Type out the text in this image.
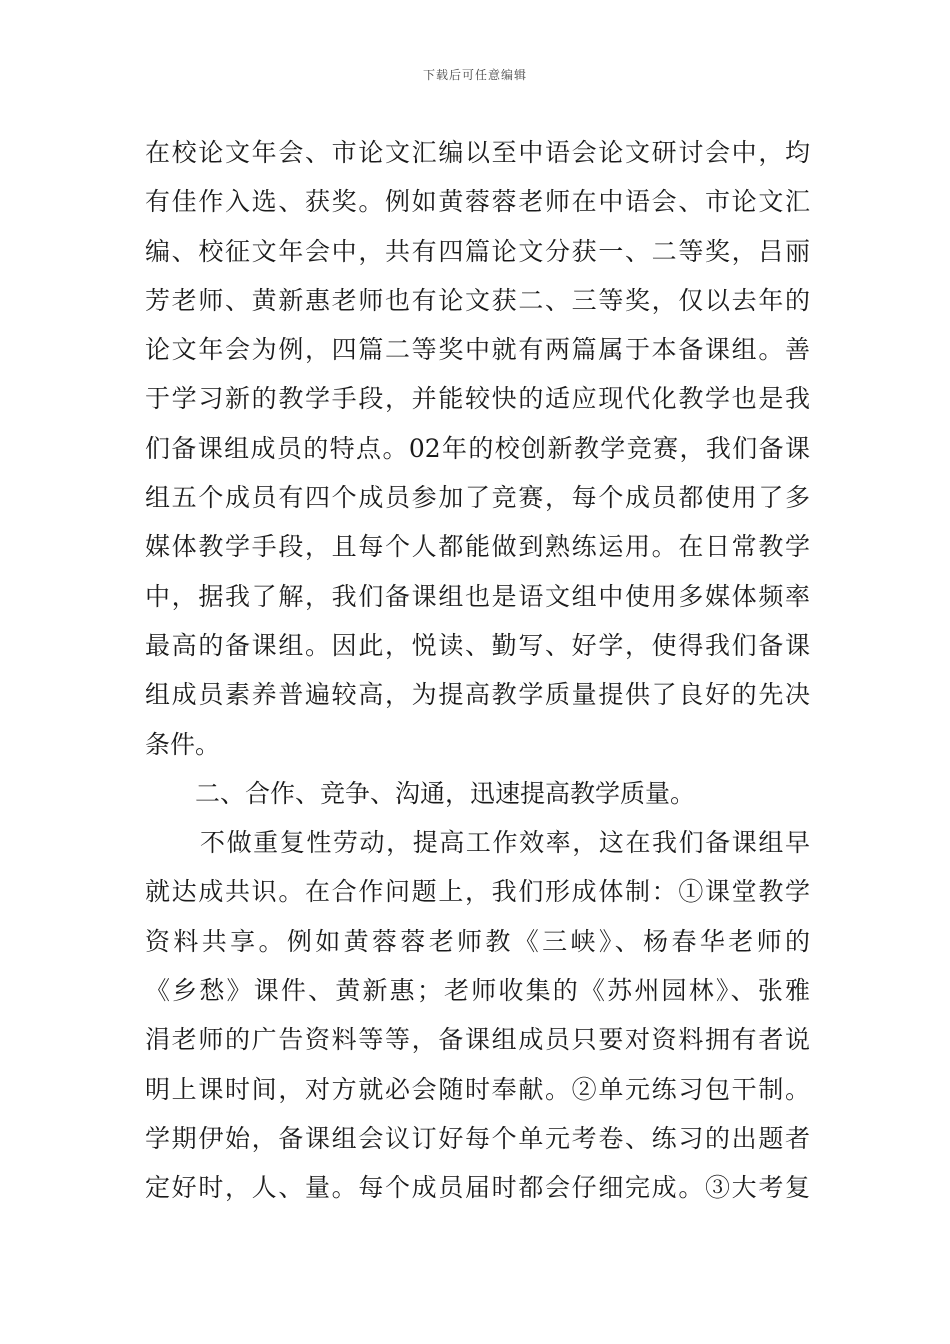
下载后可任意编辑
在校论文年会、市论文汇编以至中语会论文研讨会中，均
有佳作入选、获奖。例如黄蓉蓉老师在中语会、市论文汇
编、校征文年会中，共有四篇论文分获一、二等奖，吕丽
芳老师、黄新惠老师也有论文获二、三等奖，仅以去年的
论文年会为例，四篇二等奖中就有两篇属于本备课组。善
于学习新的教学手段，并能较快的适应现代化教学也是我
们备课组成员的特点。02年的校创新教学竞赛，我们备课
组五个成员有四个成员参加了竞赛，每个成员都使用了多
媒体教学手段，且每个人都能做到熟练运用。在日常教学
中，据我了解，我们备课组也是语文组中使用多媒体频率
最高的备课组。因此，悦读、勤写、好学，使得我们备课
组成员素养普遍较高，为提高教学质量提供了良好的先决
条件。
二、合作、竞争、沟通，迅速提高教学质量。
不做重复性劳动，提高工作效率，这在我们备课组早
就达成共识。在合作问题上，我们形成体制：①课堂教学
资料共享。例如黄蓉蓉老师教《三峡》、杨春华老师的
《乡愁》课件、黄新惠；老师收集的《苏州园林》、张雅
涓老师的广告资料等等，备课组成员只要对资料拥有者说
明上课时间，对方就必会随时奉献。②单元练习包干制。
学期伊始，备课组会议订好每个单元考卷、练习的出题者
定好时，人、量。每个成员届时都会仔细完成。③大考复
